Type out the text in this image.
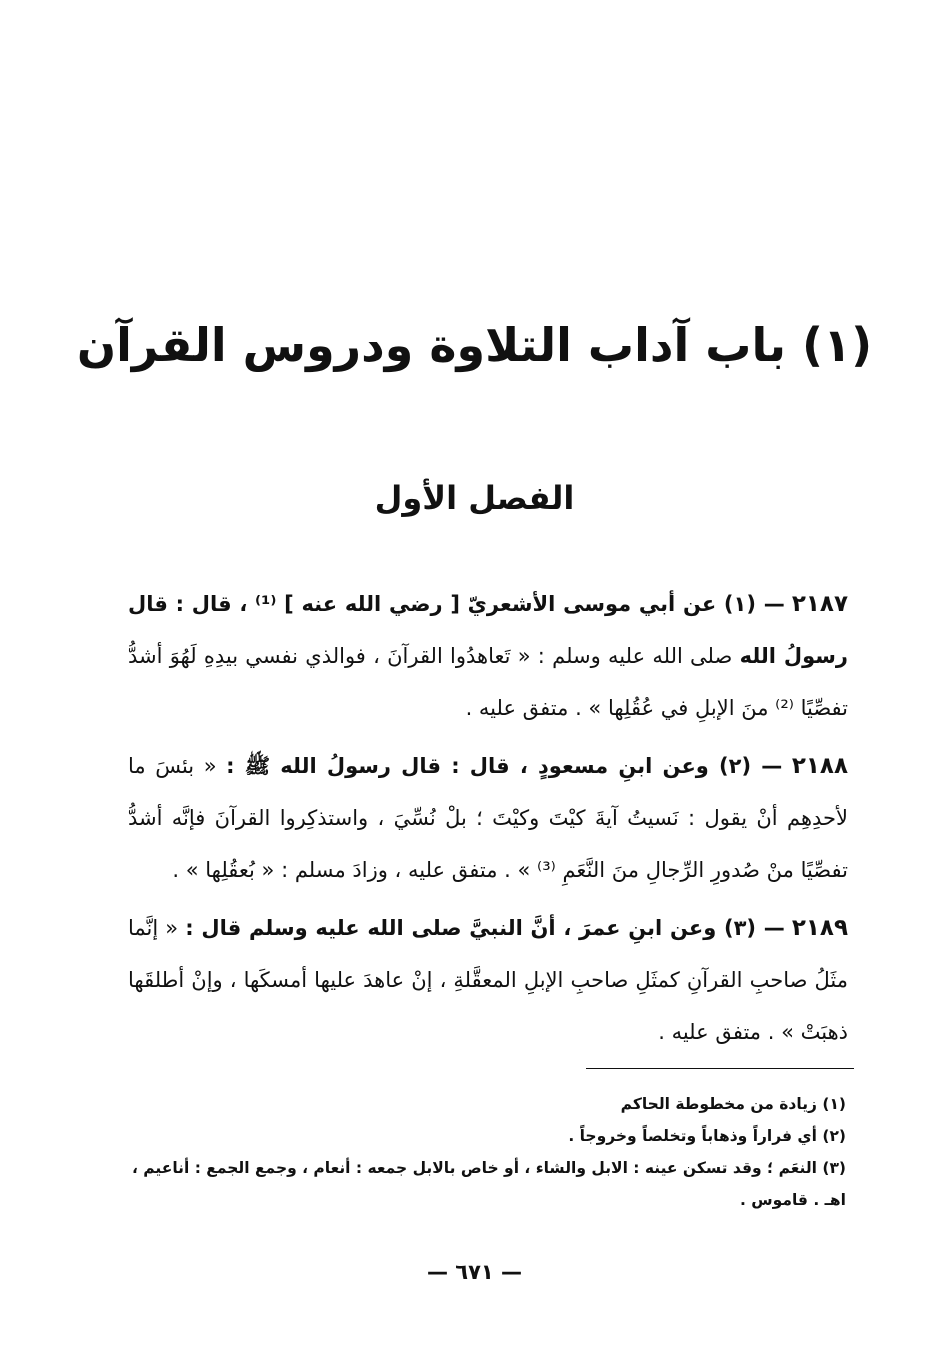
(١) باب آداب التلاوة ودروس القرآن
الفصل الأول

٢١٨٧ — (١) عن أبي موسى الأشعريّ [ رضي الله عنه ] ⁽¹⁾ ، قال : قال رسولُ الله صلى الله عليه وسلم : « تَعاهدُوا القرآنَ ، فوالذي نفسي بيدِهِ لَهُوَ أشدُّ تفصِّيًا ⁽²⁾ منَ الإبلِ في عُقُلِها » . متفق عليه .

٢١٨٨ — (٢) وعن ابنِ مسعودٍ ، قال : قال رسولُ الله ﷺ : « بئسَ ما لأحدِهِم أنْ يقول : نَسيتُ آيةَ كيْتَ وكيْتَ ؛ بلْ نُسِّيَ ، واستذكِروا القرآنَ فإنَّه أشدُّ تفصِّيًا منْ صُدورِ الرِّجالِ منَ النَّعَمِ ⁽³⁾ » . متفق عليه ، وزادَ مسلم : « بُعقُلِها » .

٢١٨٩ — (٣) وعن ابنِ عمرَ ، أنَّ النبيَّ صلى الله عليه وسلم قال : « إنَّما مثَلُ صاحبِ القرآنِ كمثَلِ صاحبِ الإبلِ المعقَّلةِ ، إنْ عاهدَ عليها أمسكَها ، وإنْ أطلقَها ذهبَتْ » . متفق عليه .

(١) زيادة من مخطوطة الحاكم

(٢) أي فراراً وذهاباً وتخلصاً وخروجاً .

(٣) النعَم ؛ وقد تسكن عينه : الابل والشاء ، أو خاص بالابل جمعه : أنعام ، وجمع الجمع : أناعيم ، اهـ . قاموس .

— ٦٧١ —
